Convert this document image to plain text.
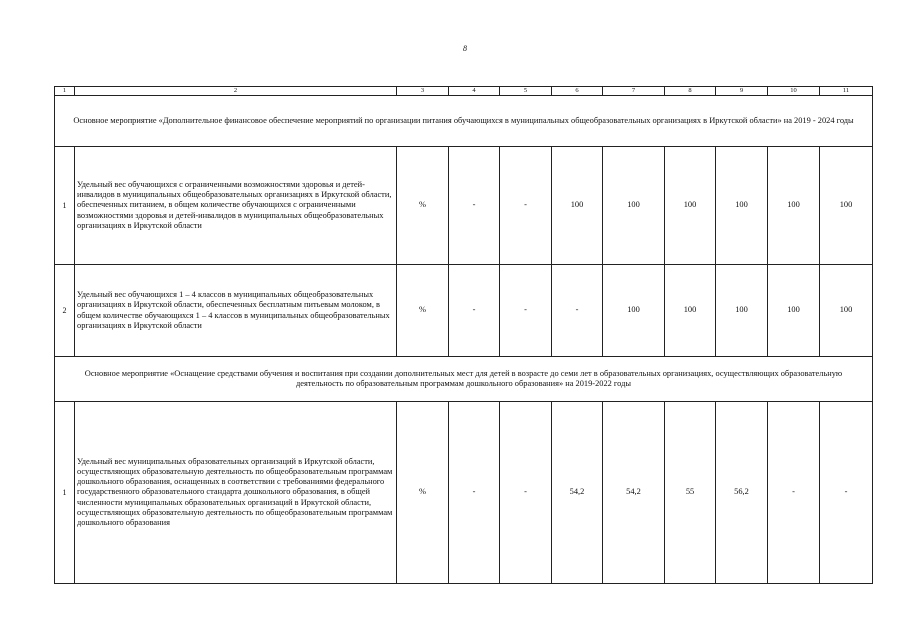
8
1	2	3	4	5	6	7	8	9	10	11
Основное мероприятие «Дополнительное финансовое обеспечение мероприятий по организации питания обучающихся в муниципальных общеобразовательных организациях в Иркутской области» на 2019 - 2024 годы										
1	Удельный вес обучающихся с ограниченными возможностями здоровья и детей-инвалидов в муниципальных общеобразовательных организациях в Иркутской области, обеспеченных питанием, в общем количестве обучающихся с ограниченными возможностями здоровья и детей-инвалидов в муниципальных общеобразовательных организациях в Иркутской области	%	-	-	100	100	100	100	100	100
2	Удельный вес обучающихся 1 – 4 классов в муниципальных общеобразовательных организациях в Иркутской области, обеспеченных бесплатным питьевым молоком, в общем количестве обучающихся 1 – 4 классов в муниципальных общеобразовательных организациях в Иркутской области	%	-	-	-	100	100	100	100	100
Основное мероприятие «Оснащение средствами обучения и воспитания при создании дополнительных мест для детей в возрасте до семи лет в образовательных организациях, осуществляющих образовательную деятельность по образовательным программам дошкольного образования» на 2019-2022 годы										
1	Удельный вес муниципальных образовательных организаций в Иркутской области, осуществляющих образовательную деятельность по общеобразовательным программам дошкольного образования, оснащенных в соответствии с требованиями федерального государственного образовательного стандарта дошкольного образования, в общей численности муниципальных образовательных организаций в Иркутской области, осуществляющих образовательную деятельность по общеобразовательным программам дошкольного образования	%	-	-	54,2	54,2	55	56,2	-	-
